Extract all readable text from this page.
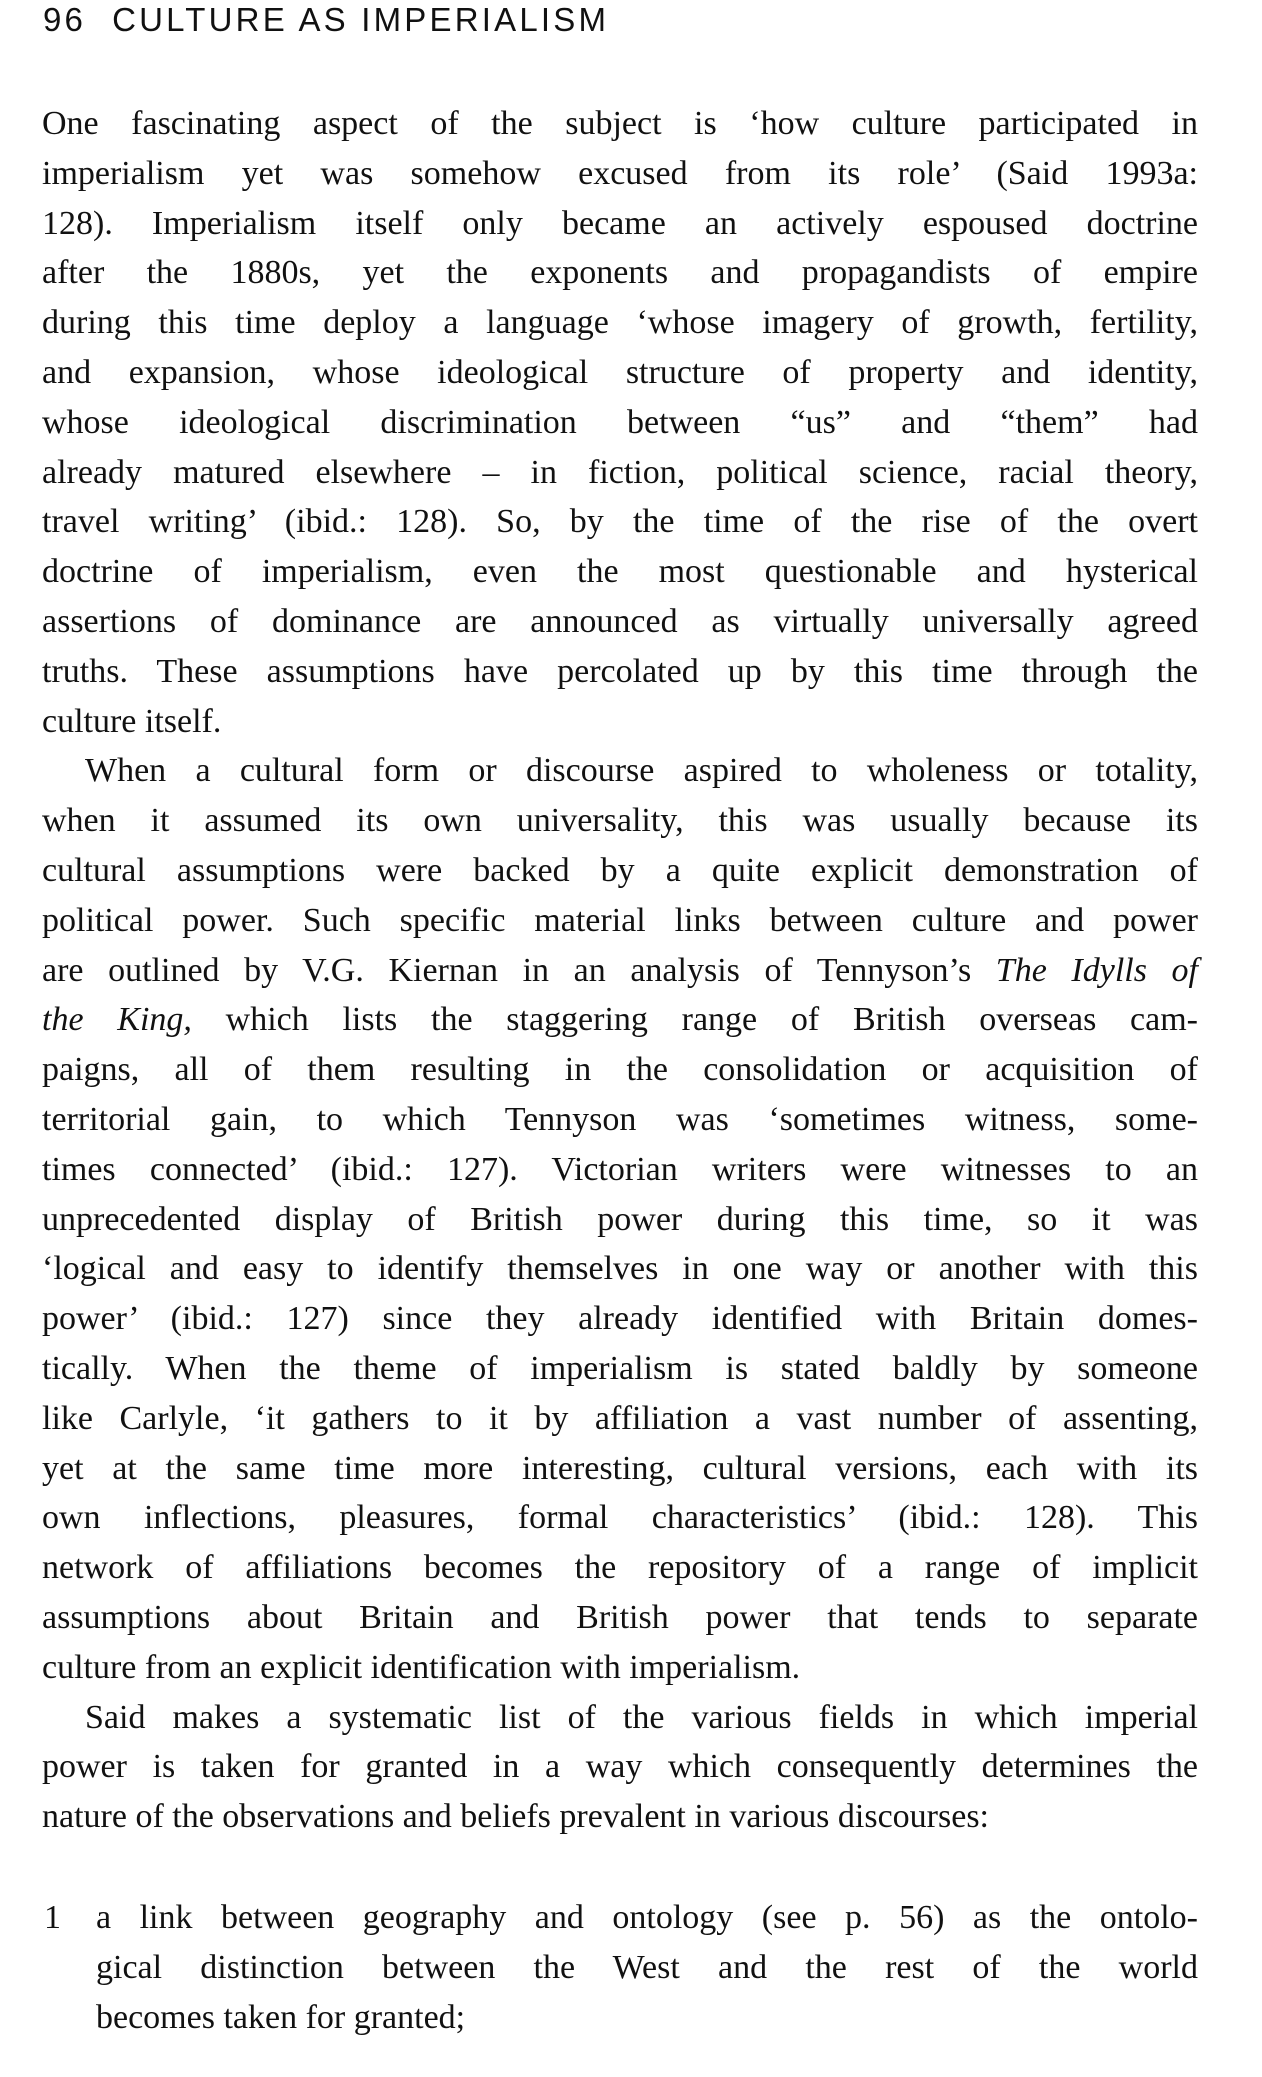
96 CULTURE AS IMPERIALISM
One fascinating aspect of the subject is ‘how culture participated in
imperialism yet was somehow excused from its role’ (Said 1993a:
128). Imperialism itself only became an actively espoused doctrine
after the 1880s, yet the exponents and propagandists of empire
during this time deploy a language ‘whose imagery of growth, fertility,
and expansion, whose ideological structure of property and identity,
whose ideological discrimination between “us” and “them” had
already matured elsewhere – in fiction, political science, racial theory,
travel writing’ (ibid.: 128). So, by the time of the rise of the overt
doctrine of imperialism, even the most questionable and hysterical
assertions of dominance are announced as virtually universally agreed
truths. These assumptions have percolated up by this time through the
culture itself.
When a cultural form or discourse aspired to wholeness or totality,
when it assumed its own universality, this was usually because its
cultural assumptions were backed by a quite explicit demonstration of
political power. Such specific material links between culture and power
are outlined by V.G. Kiernan in an analysis of Tennyson’s The Idylls of
the King, which lists the staggering range of British overseas cam-
paigns, all of them resulting in the consolidation or acquisition of
territorial gain, to which Tennyson was ‘sometimes witness, some-
times connected’ (ibid.: 127). Victorian writers were witnesses to an
unprecedented display of British power during this time, so it was
‘logical and easy to identify themselves in one way or another with this
power’ (ibid.: 127) since they already identified with Britain domes-
tically. When the theme of imperialism is stated baldly by someone
like Carlyle, ‘it gathers to it by affiliation a vast number of assenting,
yet at the same time more interesting, cultural versions, each with its
own inflections, pleasures, formal characteristics’ (ibid.: 128). This
network of affiliations becomes the repository of a range of implicit
assumptions about Britain and British power that tends to separate
culture from an explicit identification with imperialism.
Said makes a systematic list of the various fields in which imperial
power is taken for granted in a way which consequently determines the
nature of the observations and beliefs prevalent in various discourses:
1 a link between geography and ontology (see p. 56) as the ontolo-
gical distinction between the West and the rest of the world
becomes taken for granted;
